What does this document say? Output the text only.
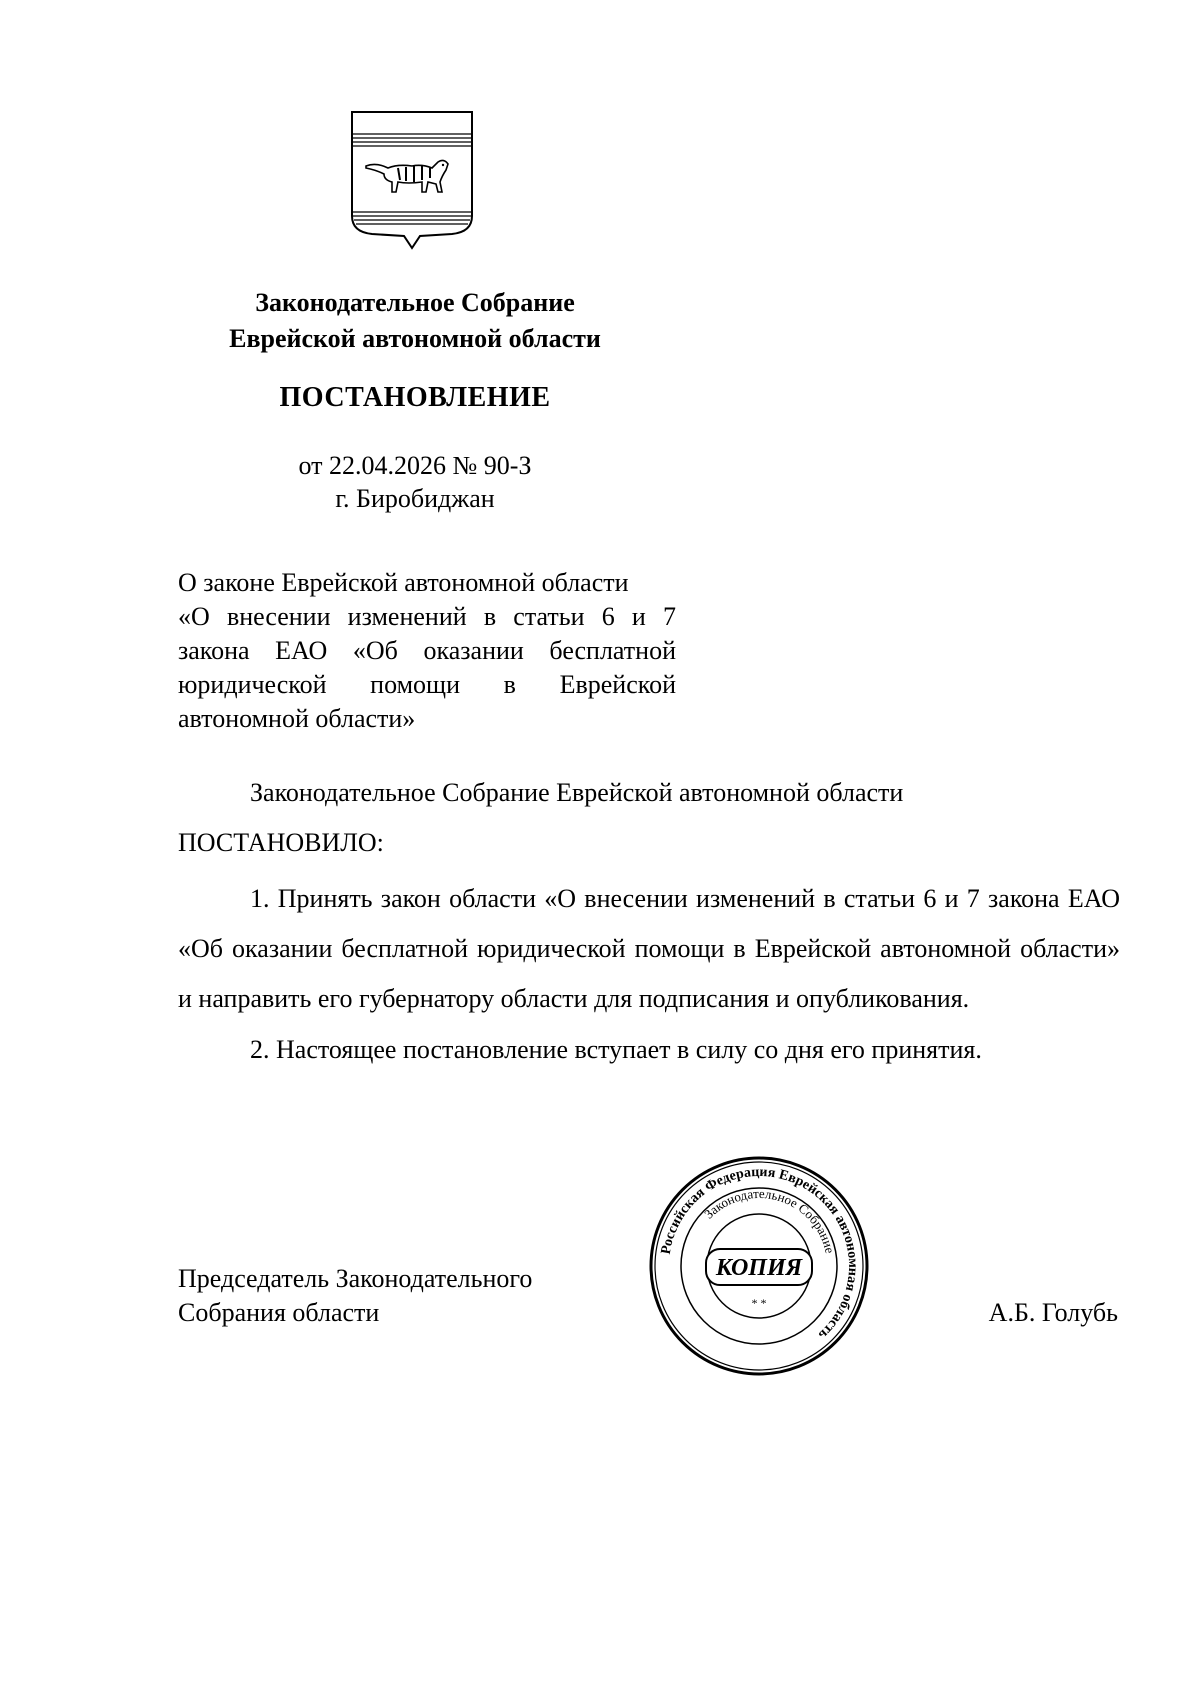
Законодательное Собрание
Еврейской автономной области
ПОСТАНОВЛЕНИЕ
от 22.04.2026 № 90-З
г. Биробиджан
О законе Еврейской автономной области
«О внесении изменений в статьи 6 и 7
закона ЕАО «Об оказании бесплатной
юридической помощи в Еврейской
автономной области»
Законодательное Собрание Еврейской автономной области
ПОСТАНОВИЛО:
1. Принять закон области «О внесении изменений в статьи 6 и 7 закона ЕАО «Об оказании бесплатной юридической помощи в Еврейской автономной области» и направить его губернатору области для подписания и опубликования.
2. Настоящее постановление вступает в силу со дня его принятия.
Председатель Законодательного
Собрания области
Российская Федерация Еврейская автономная область
Законодательное Собрание
КОПИЯ
* *	А.Б. Голубь
